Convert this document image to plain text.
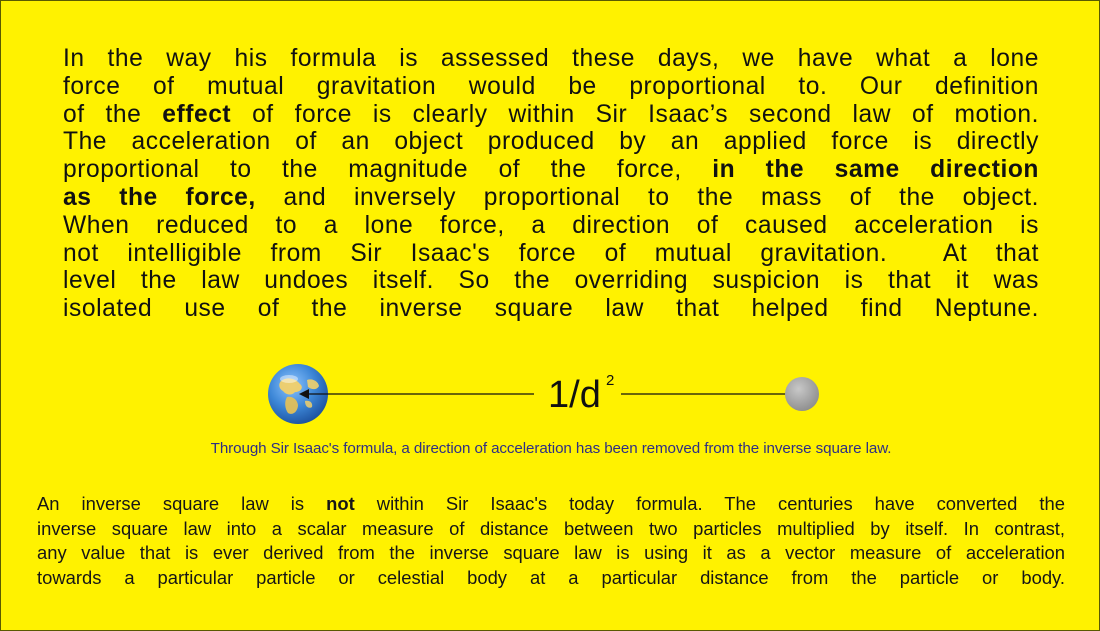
In the way his formula is assessed these days, we have what a lone
force of mutual gravitation would be proportional to. Our definition
of the effect of force is clearly within Sir Isaac’s second law of motion.
The acceleration of an object produced by an applied force is directly
proportional to the magnitude of the force, in the same direction
as the force, and inversely proportional to the mass of the object.
When reduced to a lone force, a direction of caused acceleration is
not intelligible from Sir Isaac's force of mutual gravitation.  At that
level the law undoes itself. So the overriding suspicion is that it was
isolated use of the inverse square law that helped find Neptune.
1/d 2
Through Sir Isaac's formula, a direction of acceleration has been removed from the inverse square law.
An inverse square law is not within Sir Isaac's today formula. The centuries have converted the
inverse square law into a scalar measure of distance between two particles multiplied by itself. In contrast,
any value that is ever derived from the inverse square law is using it as a vector measure of acceleration
towards a particular particle or celestial body at a particular distance from the particle or body.
